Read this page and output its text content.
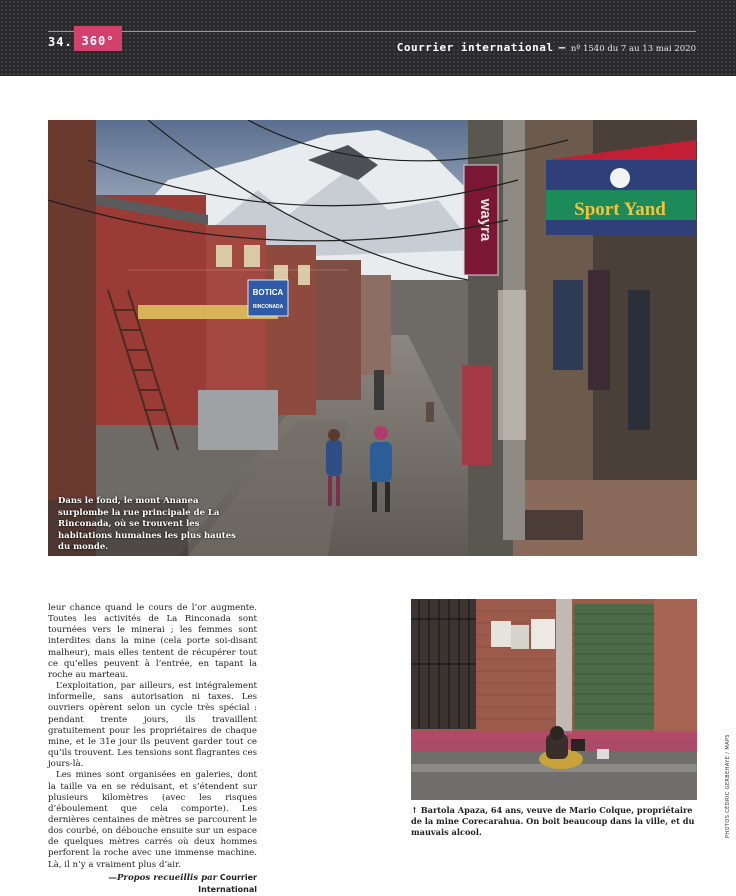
34. 360°	Courrier international — nº 1540 du 7 au 13 mai 2020
BOTICA
RINCONADA
wayra	Sport Yand

Dans le fond, le mont Ananea surplombe la rue principale de La Rinconada, où se trouvent les habitations humaines les plus hautes du monde.

leur chance quand le cours de l’or augmente. Toutes les activités de La Rinconada sont tournées vers le minerai ; les femmes sont interdites dans la mine (cela porte soi-disant malheur), mais elles tentent de récupérer tout ce qu’elles peuvent à l’entrée, en tapant la roche au marteau.

L’exploitation, par ailleurs, est intégralement informelle, sans autorisation ni taxes. Les ouvriers opèrent selon un cycle très spécial : pendant trente jours, ils travaillent gratuitement pour les propriétaires de chaque mine, et le 31e jour ils peuvent garder tout ce qu’ils trouvent. Les tensions sont flagrantes ces jours-là.

Les mines sont organisées en galeries, dont la taille va en se réduisant, et s’étendent sur plusieurs kilomètres (avec les risques d’éboulement que cela comporte). Les dernières centaines de mètres se parcourent le dos courbé, on débouche ensuite sur un espace de quelques mètres carrés où deux hommes perforent la roche avec une immense machine. Là, il n’y a vraiment plus d’air.

—Propos recueillis par Courrier International

↑ Bartola Apaza, 64 ans, veuve de Mario Colque, propriétaire de la mine Corecarahua. On boit beaucoup dans la ville, et du mauvais alcool.	PHOTOS CÉDRIC GERBEHAYE / MAPS
